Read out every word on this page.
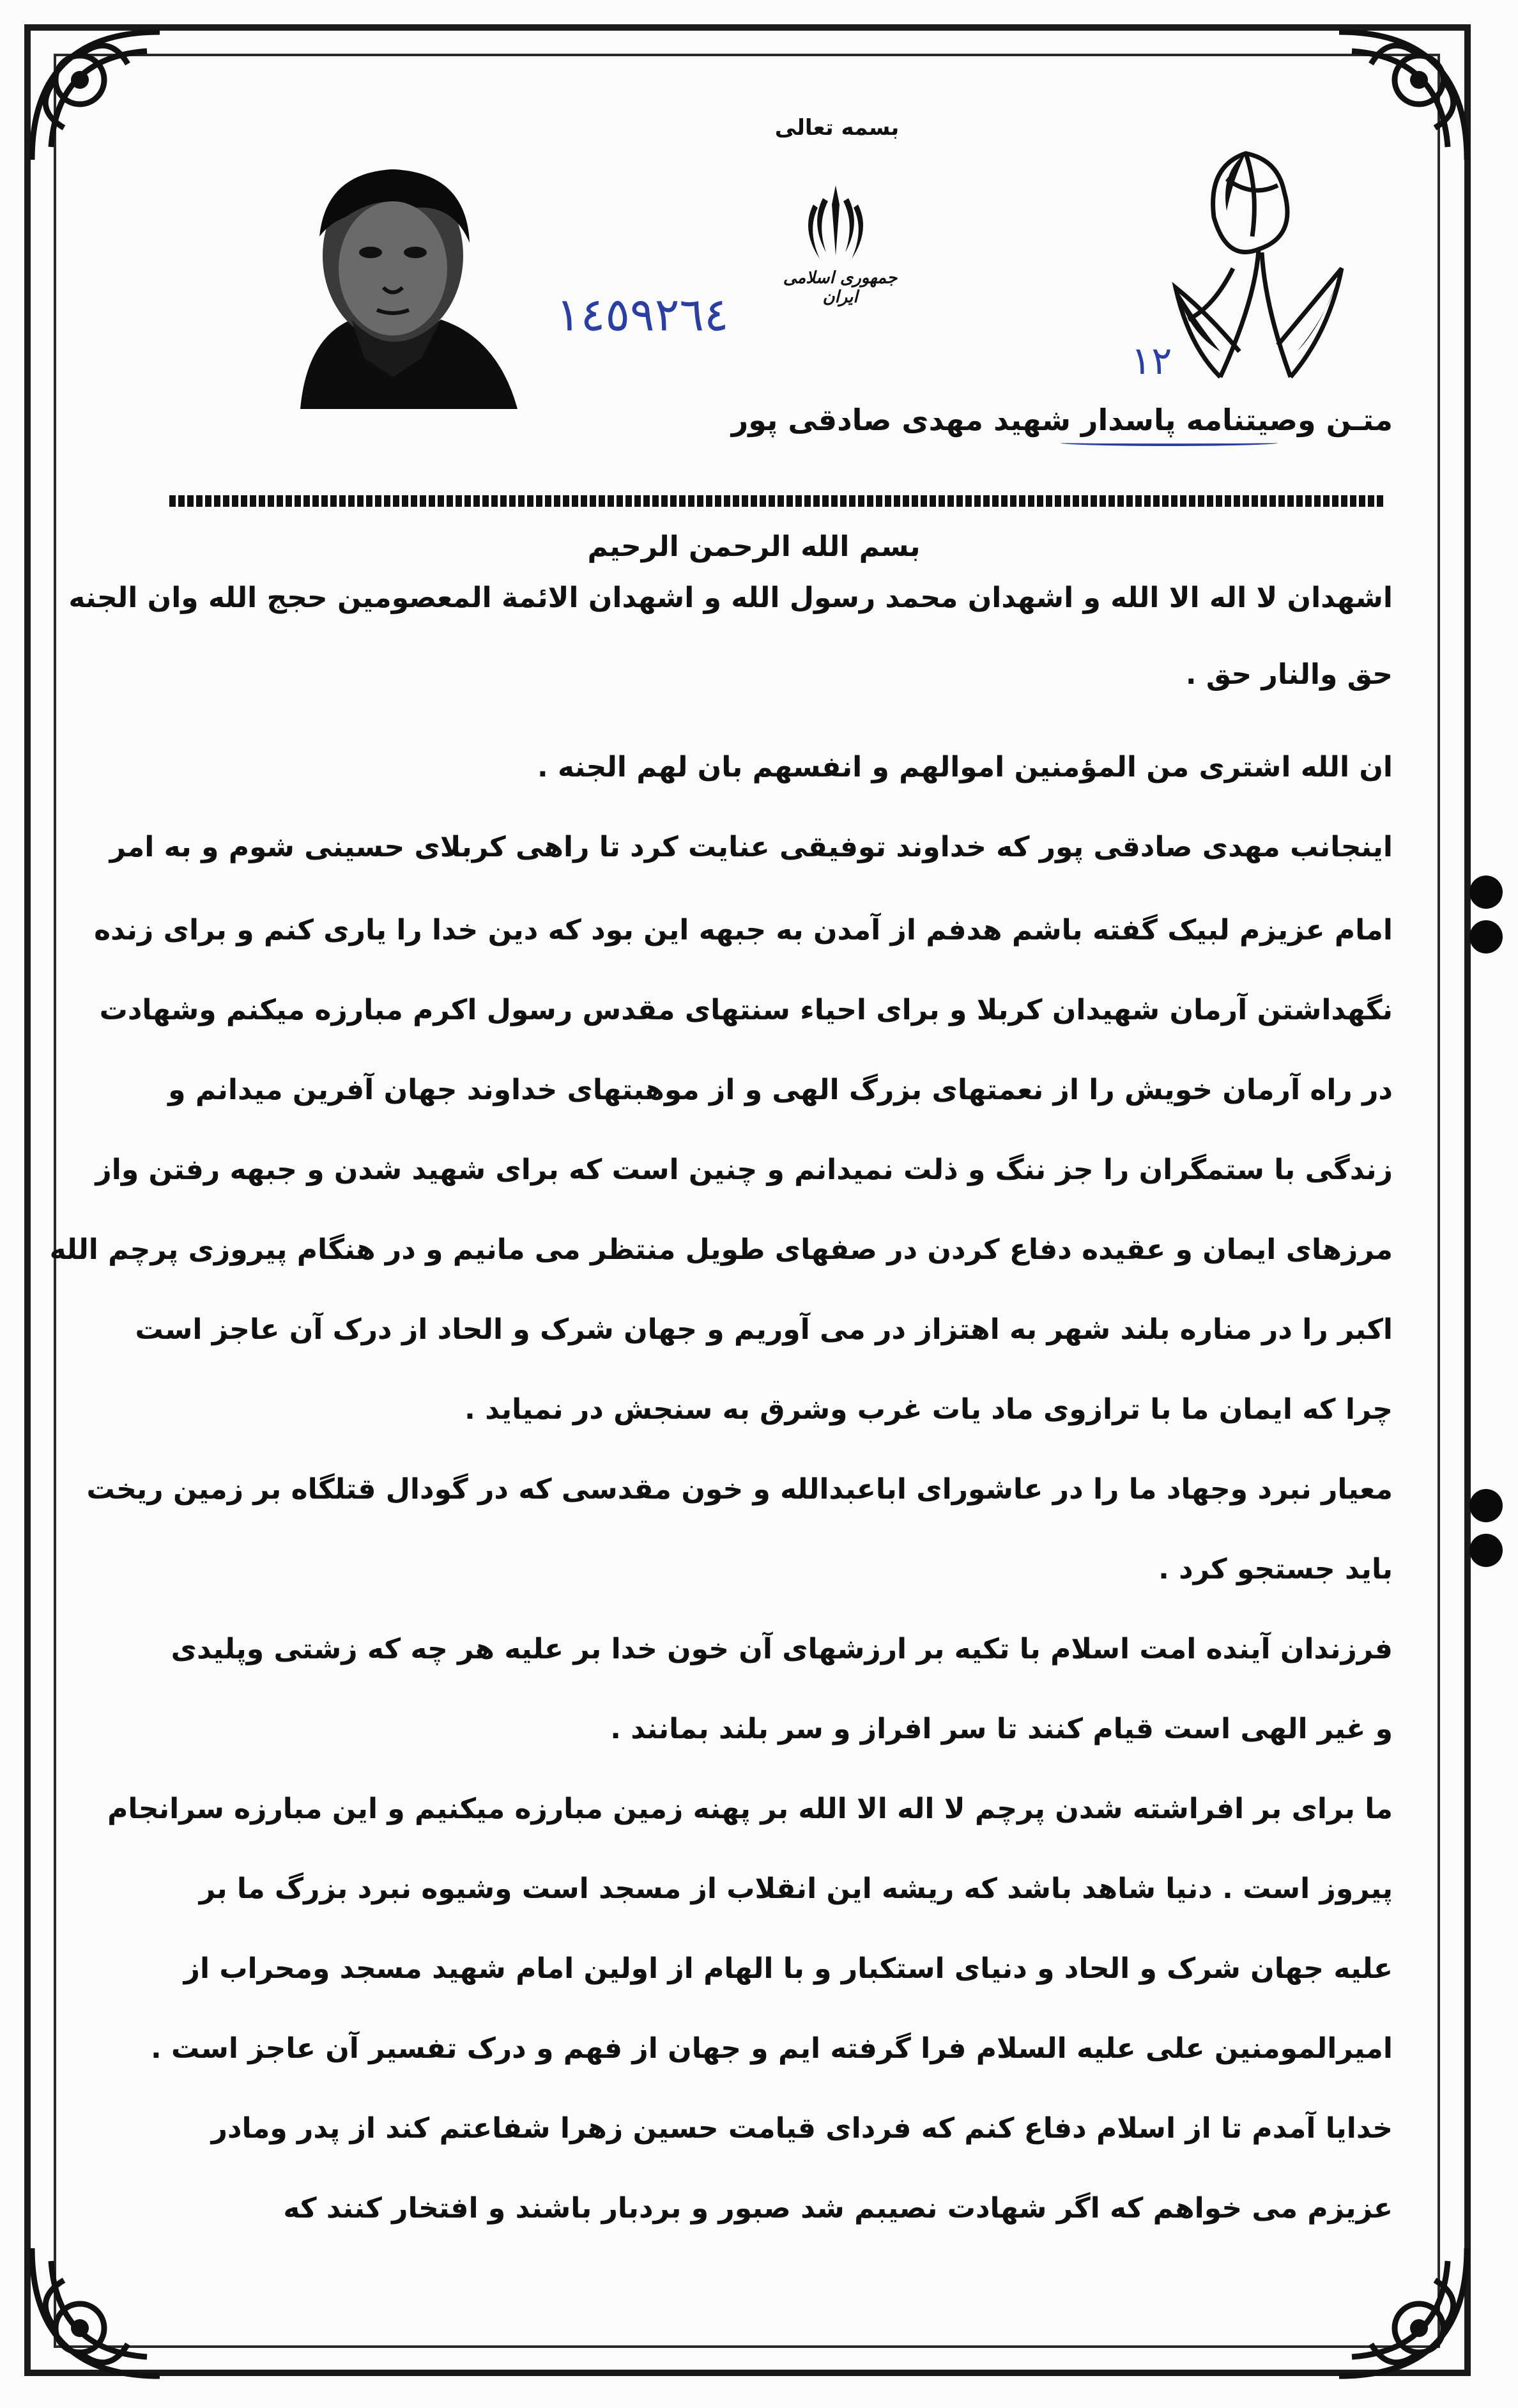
بسمه تعالی
جمهوری اسلامی ایران
١٤٥٩٢٦٤
١٢
متـن وصیتنامه پاسدار شهید مهدی صادقی پور
بسم الله الرحمن الرحیم
اشهدان لا اله الا الله و اشهدان محمد رسول الله و اشهدان الائمة المعصومین حجج الله وان الجنه
حق والنار حق .
ان الله اشتری من المؤمنین اموالهم و انفسهم بان لهم الجنه .
اینجانب مهدی صادقی پور که خداوند توفیقی عنایت کرد تا راهی کربلای حسینی شوم و به امر
امام عزیزم لبیک گفته باشم هدفم از آمدن به جبهه این بود که دین خدا را یاری کنم و برای زنده
نگهداشتن آرمان شهیدان کربلا و برای احیاء سنتهای مقدس رسول اکرم مبارزه میکنم وشهادت
در راه آرمان خویش را از نعمتهای بزرگ الهی و از موهبتهای خداوند جهان آفرین میدانم و
زندگی با ستمگران را جز ننگ و ذلت نمیدانم و چنین است که برای شهید شدن و جبهه رفتن واز
مرزهای ایمان و عقیده دفاع کردن در صفهای طویل منتظر می مانیم و در هنگام پیروزی پرچم الله
اکبر را در مناره بلند شهر به اهتزاز در می آوریم و جهان شرک و الحاد از درک آن عاجز است
چرا که ایمان ما با ترازوی ماد یات غرب وشرق به سنجش در نمیاید .
معیار نبرد وجهاد ما را در عاشورای اباعبدالله و خون مقدسی که در گودال قتلگاه بر زمین ریخت
باید جستجو کرد .
فرزندان آینده امت اسلام با تکیه بر ارزشهای آن خون خدا بر علیه هر چه که زشتی وپلیدی
و غیر الهی است قیام کنند تا سر افراز و سر بلند بمانند .
ما برای بر افراشته شدن پرچم لا اله الا الله بر پهنه زمین مبارزه میکنیم و این مبارزه سرانجام
پیروز است . دنیا شاهد باشد که ریشه این انقلاب از مسجد است وشیوه نبرد بزرگ ما بر
علیه جهان شرک و الحاد و دنیای استکبار و با الهام از اولین امام شهید مسجد ومحراب از
امیرالمومنین علی علیه السلام فرا گرفته ایم و جهان از فهم و درک تفسیر آن عاجز است .
خدایا آمدم تا از اسلام دفاع کنم که فردای قیامت حسین زهرا شفاعتم کند از پدر ومادر
عزیزم می خواهم که اگر شهادت نصیبم شد صبور و بردبار باشند و افتخار کنند که
